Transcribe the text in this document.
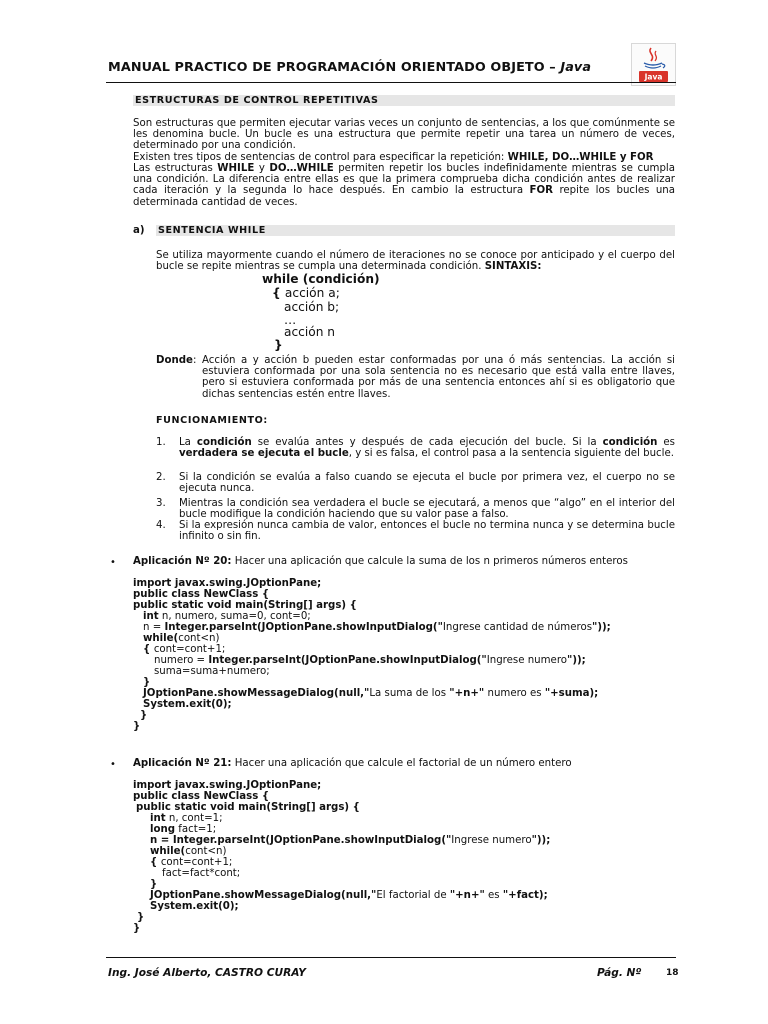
MANUAL PRACTICO DE PROGRAMACIÓN ORIENTADO OBJETO – Java
Java
ESTRUCTURAS DE CONTROL REPETITIVAS
Son estructuras que permiten ejecutar varias veces un conjunto de sentencias, a los que comúnmente se les denomina bucle. Un bucle es una estructura que permite repetir una tarea un número de veces, determinado por una condición.
Existen tres tipos de sentencias de control para especificar la repetición: WHILE, DO…WHILE y FOR
Las estructuras WHILE y DO…WHILE permiten repetir los bucles indefinidamente mientras se cumpla una condición. La diferencia entre ellas es que la primera comprueba dicha condición antes de realizar cada iteración y la segunda lo hace después. En cambio la estructura FOR repite los bucles una determinada cantidad de veces.
a) SENTENCIA WHILE
Se utiliza mayormente cuando el número de iteraciones no se conoce por anticipado y el cuerpo del bucle se repite mientras se cumpla una determinada condición. SINTAXIS:
while (condición)
{ acción a;
acción b;
…
acción n
}
Donde : Acción a y acción b pueden estar conformadas por una ó más sentencias. La acción si estuviera conformada por una sola sentencia no es necesario que está valla entre llaves, pero si estuviera conformada por más de una sentencia entonces ahí si es obligatorio que dichas sentencias estén entre llaves.
FUNCIONAMIENTO:
1.	La condición se evalúa antes y después de cada ejecución del bucle. Si la condición es verdadera se ejecuta el bucle, y si es falsa, el control pasa a la sentencia siguiente del bucle.
2.	Si la condición se evalúa a falso cuando se ejecuta el bucle por primera vez, el cuerpo no se ejecuta nunca.
3.	Mientras la condición sea verdadera el bucle se ejecutará, a menos que “algo” en el interior del bucle modifique la condición haciendo que su valor pase a falso.
4.	Si la expresión nunca cambia de valor, entonces el bucle no termina nunca y se determina bucle infinito o sin fin.
• Aplicación Nº 20: Hacer una aplicación que calcule la suma de los n primeros números enteros
import javax.swing.JOptionPane;
public class NewClass {
public static void main(String[] args) {
int n, numero, suma=0, cont=0;
n = Integer.parseInt(JOptionPane.showInputDialog("Ingrese cantidad de números"));
while(cont<n)
{ cont=cont+1;
numero = Integer.parseInt(JOptionPane.showInputDialog("Ingrese numero"));
suma=suma+numero;
}
JOptionPane.showMessageDialog(null,"La suma de los "+n+" numero es "+suma);
System.exit(0);
}
}
• Aplicación Nº 21: Hacer una aplicación que calcule el factorial de un número entero
import javax.swing.JOptionPane;
public class NewClass {
public static void main(String[] args) {
int n, cont=1;
long fact=1;
n = Integer.parseInt(JOptionPane.showInputDialog("Ingrese numero"));
while(cont<n)
{ cont=cont+1;
fact=fact*cont;
}
JOptionPane.showMessageDialog(null,"El factorial de "+n+" es "+fact);
System.exit(0);
}
}
Ing. José Alberto, CASTRO CURAY	Pág. Nº	18
